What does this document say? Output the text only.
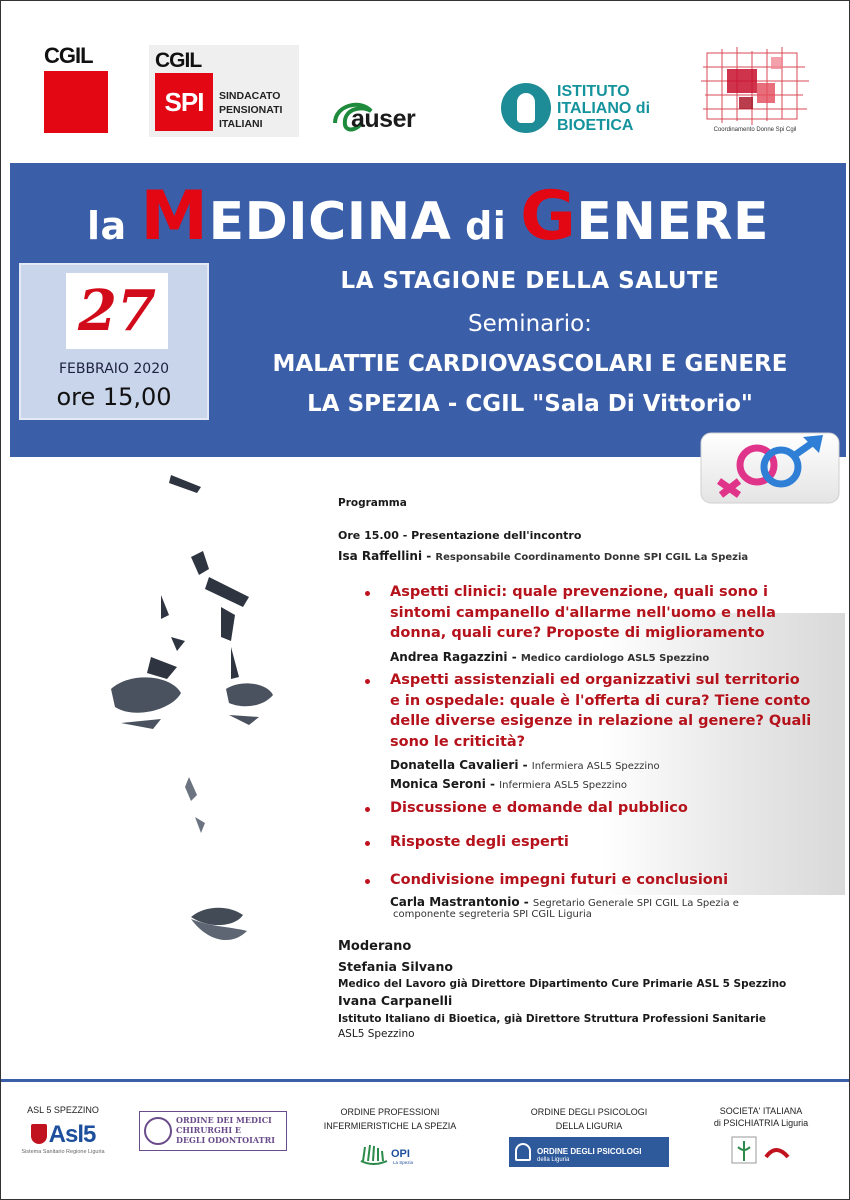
CGIL	CGIL
SPI	SINDACATO
PENSIONATI
ITALIANI	auser
ISTITUTO
ITALIANO di
BIOETICA	Coordinamento Donne Spi Cgil
la MEDICINA di GENERE
27
FEBBRAIO 2020
ore 15,00
LA STAGIONE DELLA SALUTE
Seminario:
MALATTIE CARDIOVASCOLARI E GENERE
LA SPEZIA - CGIL "Sala Di Vittorio"
Programma
Ore 15.00 - Presentazione dell'incontro
Isa Raffellini - Responsabile Coordinamento Donne SPI CGIL La Spezia
Aspetti clinici: quale prevenzione, quali sono i
sintomi campanello d'allarme nell'uomo e nella
donna, quali cure? Proposte di miglioramento
Andrea Ragazzini - Medico cardiologo ASL5 Spezzino
Aspetti assistenziali ed organizzativi sul territorio
e in ospedale: quale è l'offerta di cura? Tiene conto
delle diverse esigenze in relazione al genere? Quali
sono le criticità?
Donatella Cavalieri - Infermiera ASL5 Spezzino
Monica Seroni - Infermiera ASL5 Spezzino
Discussione e domande dal pubblico
Risposte degli esperti
Condivisione impegni futuri e conclusioni
Carla Mastrantonio - Segretario Generale SPI CGIL La Spezia e
componente segreteria SPI CGIL Liguria
Moderano
Stefania Silvano
Medico del Lavoro già Direttore Dipartimento Cure Primarie ASL 5 Spezzino
Ivana Carpanelli
Istituto Italiano di Bioetica, già Direttore Struttura Professioni Sanitarie
ASL5 Spezzino
ASL 5 SPEZZINO
Asl5
Sistema Sanitario Regione Liguria
ORDINE DEI MEDICI
CHIRURGHI E
DEGLI ODONTOIATRI
ORDINE PROFESSIONI
INFERMIERISTICHE LA SPEZIA
OPI
La Spezia
ORDINE DEGLI PSICOLOGI
DELLA LIGURIA
ORDINE DEGLI PSICOLOGI
della Liguria
SOCIETA' ITALIANA
di PSICHIATRIA Liguria
